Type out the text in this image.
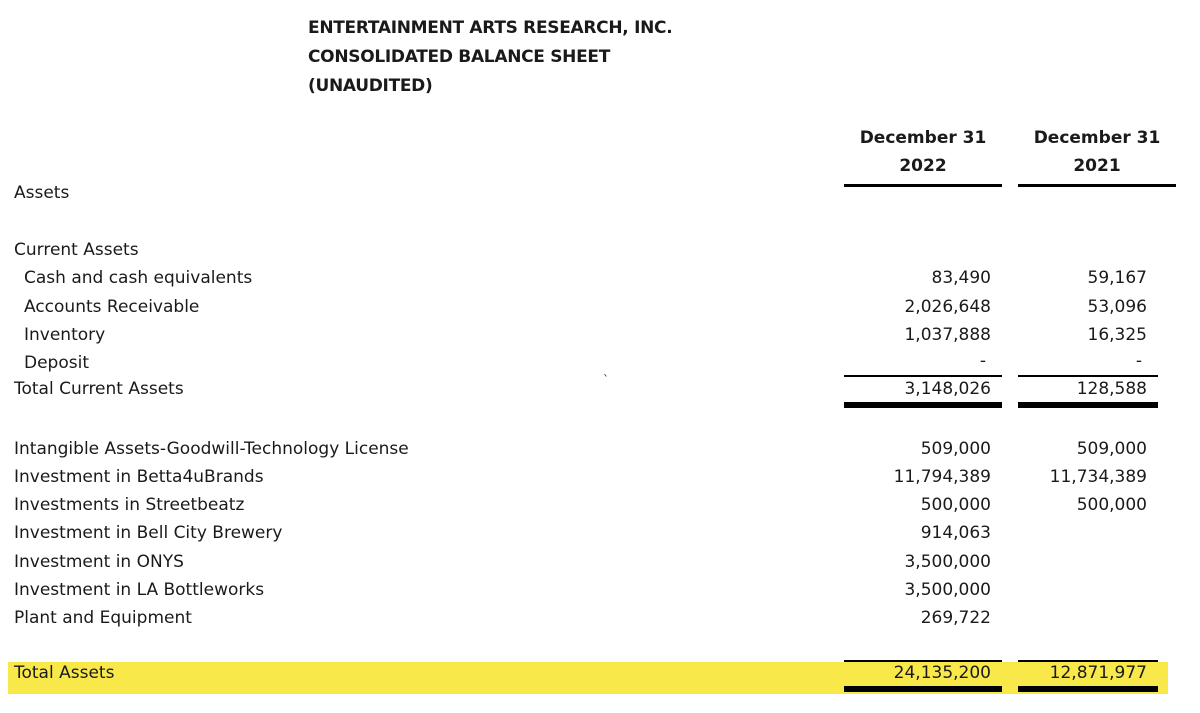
ENTERTAINMENT ARTS RESEARCH, INC.
CONSOLIDATED BALANCE SHEET
(UNAUDITED)
December 31
2022
December 31
2021
Assets
Current Assets
Cash and cash equivalents	83,490	59,167
Accounts Receivable	2,026,648	53,096
Inventory	1,037,888	16,325
Deposit	-	-
Total Current Assets	3,148,026	128,588
`
Intangible Assets-Goodwill-Technology License	509,000	509,000
Investment in Betta4uBrands	11,794,389	11,734,389
Investments in Streetbeatz	500,000	500,000
Investment in Bell City Brewery	914,063
Investment in ONYS	3,500,000
Investment in LA Bottleworks	3,500,000
Plant and Equipment	269,722
Total Assets	24,135,200	12,871,977
